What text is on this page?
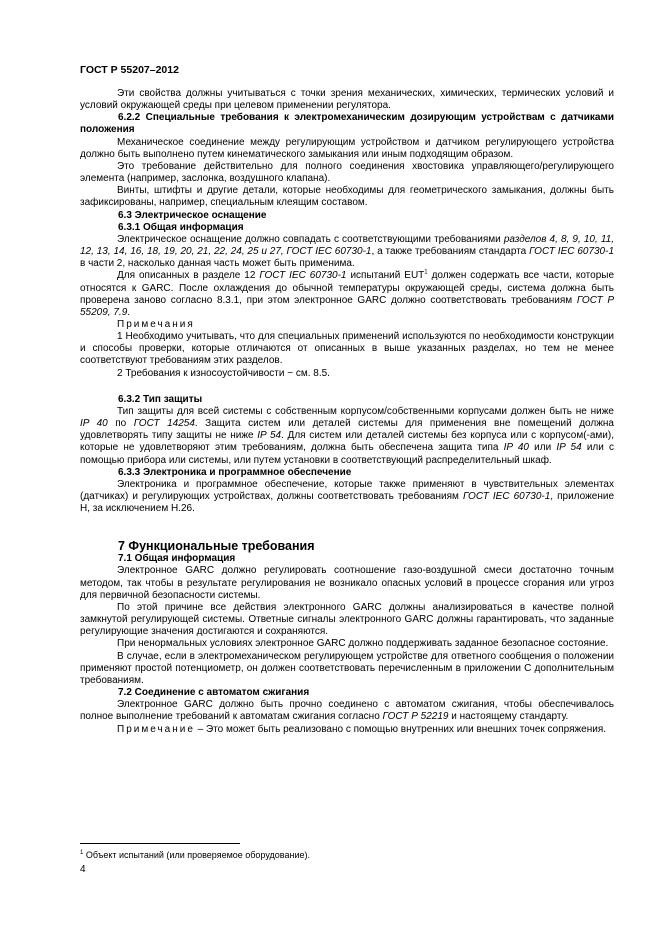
ГОСТ Р 55207–2012

Эти свойства должны учитываться с точки зрения механических, химических, термических условий и условий окружающей среды при целевом применении регулятора.

6.2.2 Специальные требования к электромеханическим дозирующим устройствам с датчиками положения

Механическое соединение между регулирующим устройством и датчиком регулирующего устройства должно быть выполнено путем кинематического замыкания или иным подходящим образом.

Это требование действительно для полного соединения хвостовика управляющего/регулирующего элемента (например, заслонка, воздушного клапана).

Винты, штифты и другие детали, которые необходимы для геометрического замыкания, должны быть зафиксированы, например, специальным клеящим составом.

6.3 Электрическое оснащение

6.3.1 Общая информация

Электрическое оснащение должно совпадать с соответствующими требованиями разделов 4, 8, 9, 10, 11, 12, 13, 14, 16, 18, 19, 20, 21, 22, 24, 25 и 27, ГОСТ IEC 60730-1, а также требованиям стандарта ГОСТ IEC 60730-1 в части 2, насколько данная часть может быть применима.

Для описанных в разделе 12 ГОСТ IEC 60730-1 испытаний EUT$^1$ должен содержать все части, которые относятся к GARC. После охлаждения до обычной температуры окружающей среды, система должна быть проверена заново согласно 8.3.1, при этом электронное GARC должно соответствовать требованиям ГОСТ Р 55209, 7.9.

Примечания

1 Необходимо учитывать, что для специальных применений используются по необходимости конструкции и способы проверки, которые отличаются от описанных в выше указанных разделах, но тем не менее соответствуют требованиям этих разделов.

2 Требования к износоустойчивости − см. 8.5.

6.3.2 Тип защиты

Тип защиты для всей системы с собственным корпусом/собственными корпусами должен быть не ниже IP 40 по ГОСТ 14254. Защита систем или деталей системы для применения вне помещений должна удовлетворять типу защиты не ниже IP 54. Для систем или деталей системы без корпуса или с корпусом(-ами), которые не удовлетворяют этим требованиям, должна быть обеспечена защита типа IP 40 или IP 54 или с помощью прибора или системы, или путем установки в соответствующий распределительный шкаф.

6.3.3 Электроника и программное обеспечение

Электроника и программное обеспечение, которые также применяют в чувствительных элементах (датчиках) и регулирующих устройствах, должны соответствовать требованиям ГОСТ IEC 60730-1, приложение Н, за исключением Н.26.

7 Функциональные требования

7.1 Общая информация

Электронное GARC должно регулировать соотношение газо-воздушной смеси достаточно точным методом, так чтобы в результате регулирования не возникало опасных условий в процессе сгорания или угроз для первичной безопасности системы.

По этой причине все действия электронного GARC должны анализироваться в качестве полной замкнутой регулирующей системы. Ответные сигналы электронного GARC должны гарантировать, что заданные регулирующие значения достигаются и сохраняются.

При ненормальных условиях электронное GARC должно поддерживать заданное безопасное состояние.

В случае, если в электромеханическом регулирующем устройстве для ответного сообщения о положении применяют простой потенциометр, он должен соответствовать перечисленным в приложении С дополнительным требованиям.

7.2 Соединение с автоматом сжигания

Электронное GARC должно быть прочно соединено с автоматом сжигания, чтобы обеспечивалось полное выполнение требований к автоматам сжигания согласно ГОСТ Р 52219 и настоящему стандарту.

Примечание – Это может быть реализовано с помощью внутренних или внешних точек сопряжения.

$^1$ Объект испытаний (или проверяемое оборудование).
4
